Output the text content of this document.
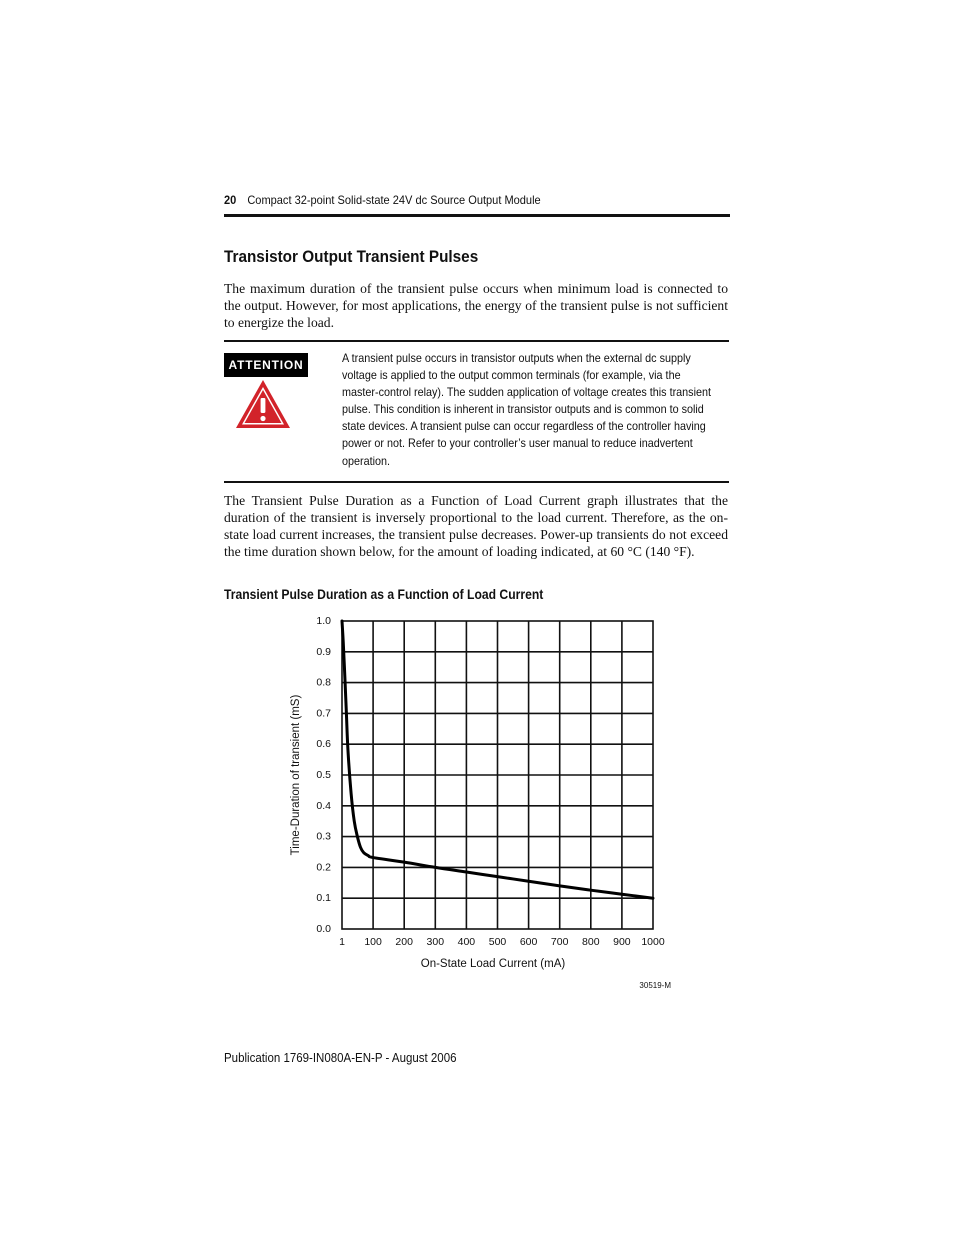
20 Compact 32-point Solid-state 24V dc Source Output Module
Transistor Output Transient Pulses
The maximum duration of the transient pulse occurs when minimum load is connected to the output. However, for most applications, the energy of the transient pulse is not sufficient to energize the load.
ATTENTION	A transient pulse occurs in transistor outputs when the external dc supply voltage is applied to the output common terminals (for example, via the master-control relay). The sudden application of voltage creates this transient pulse. This condition is inherent in transistor outputs and is common to solid state devices. A transient pulse can occur regardless of the controller having power or not. Refer to your controller’s user manual to reduce inadvertent operation.
The Transient Pulse Duration as a Function of Load Current graph illustrates that the duration of the transient is inversely proportional to the load current. Therefore, as the on-state load current increases, the transient pulse decreases. Power-up transients do not exceed the time duration shown below, for the amount of loading indicated, at 60 °C (140 °F).
Transient Pulse Duration as a Function of Load Current
1 100 200 300 400 500 600 700 800 900 1000
0.0
0.1
0.2
0.3
0.4
0.5
0.6
0.7
0.8
0.9
1.0
On-State Load Current (mA)
Time-Duration of transient (mS)
30519-M
Publication 1769-IN080A-EN-P - August 2006
